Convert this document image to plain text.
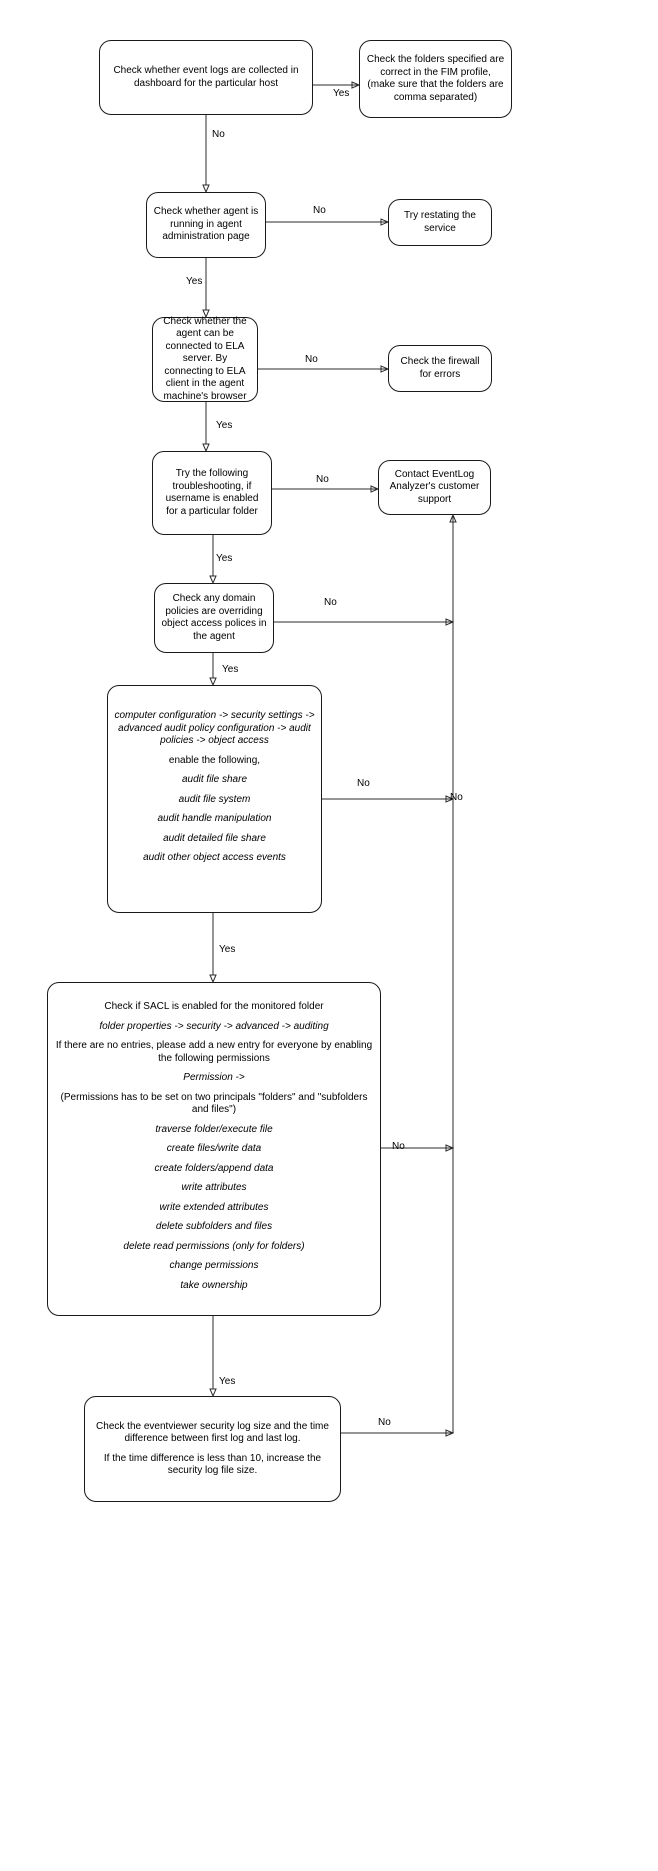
Check whether event logs are collected in dashboard for the particular host

Check the folders specified are correct in the FIM profile, (make sure that the folders are comma separated)

Check whether agent is running in agent administration page

Try restating the service

Check whether the agent can be connected to ELA server. By connecting to ELA client in the agent machine's browser

Check the firewall for errors

Try the following troubleshooting, if username is enabled for a particular folder

Contact EventLog Analyzer's customer support

Check any domain policies are overriding object access polices in the agent

computer configuration -> security settings -> advanced audit policy configuration -> audit policies -> object access

enable the following,

audit file share

audit file system

audit handle manipulation

audit detailed file share

audit other object access events

Check if SACL is enabled for the monitored folder

folder properties -> security -> advanced -> auditing

If there are no entries, please add a new entry for everyone by enabling the following permissions

Permission ->

(Permissions has to be set on two principals "folders" and "subfolders and files")

traverse folder/execute file

create files/write data

create folders/append data

write attributes

write extended attributes

delete subfolders and files

delete read permissions (only for folders)

change permissions

take ownership

Check the eventviewer security log size and the time difference between first log and last log.

If the time difference is less than 10, increase the security log file size.

Yes
No
No
Yes
No
Yes
No
Yes
No
Yes
No
No
Yes
No
Yes
No
